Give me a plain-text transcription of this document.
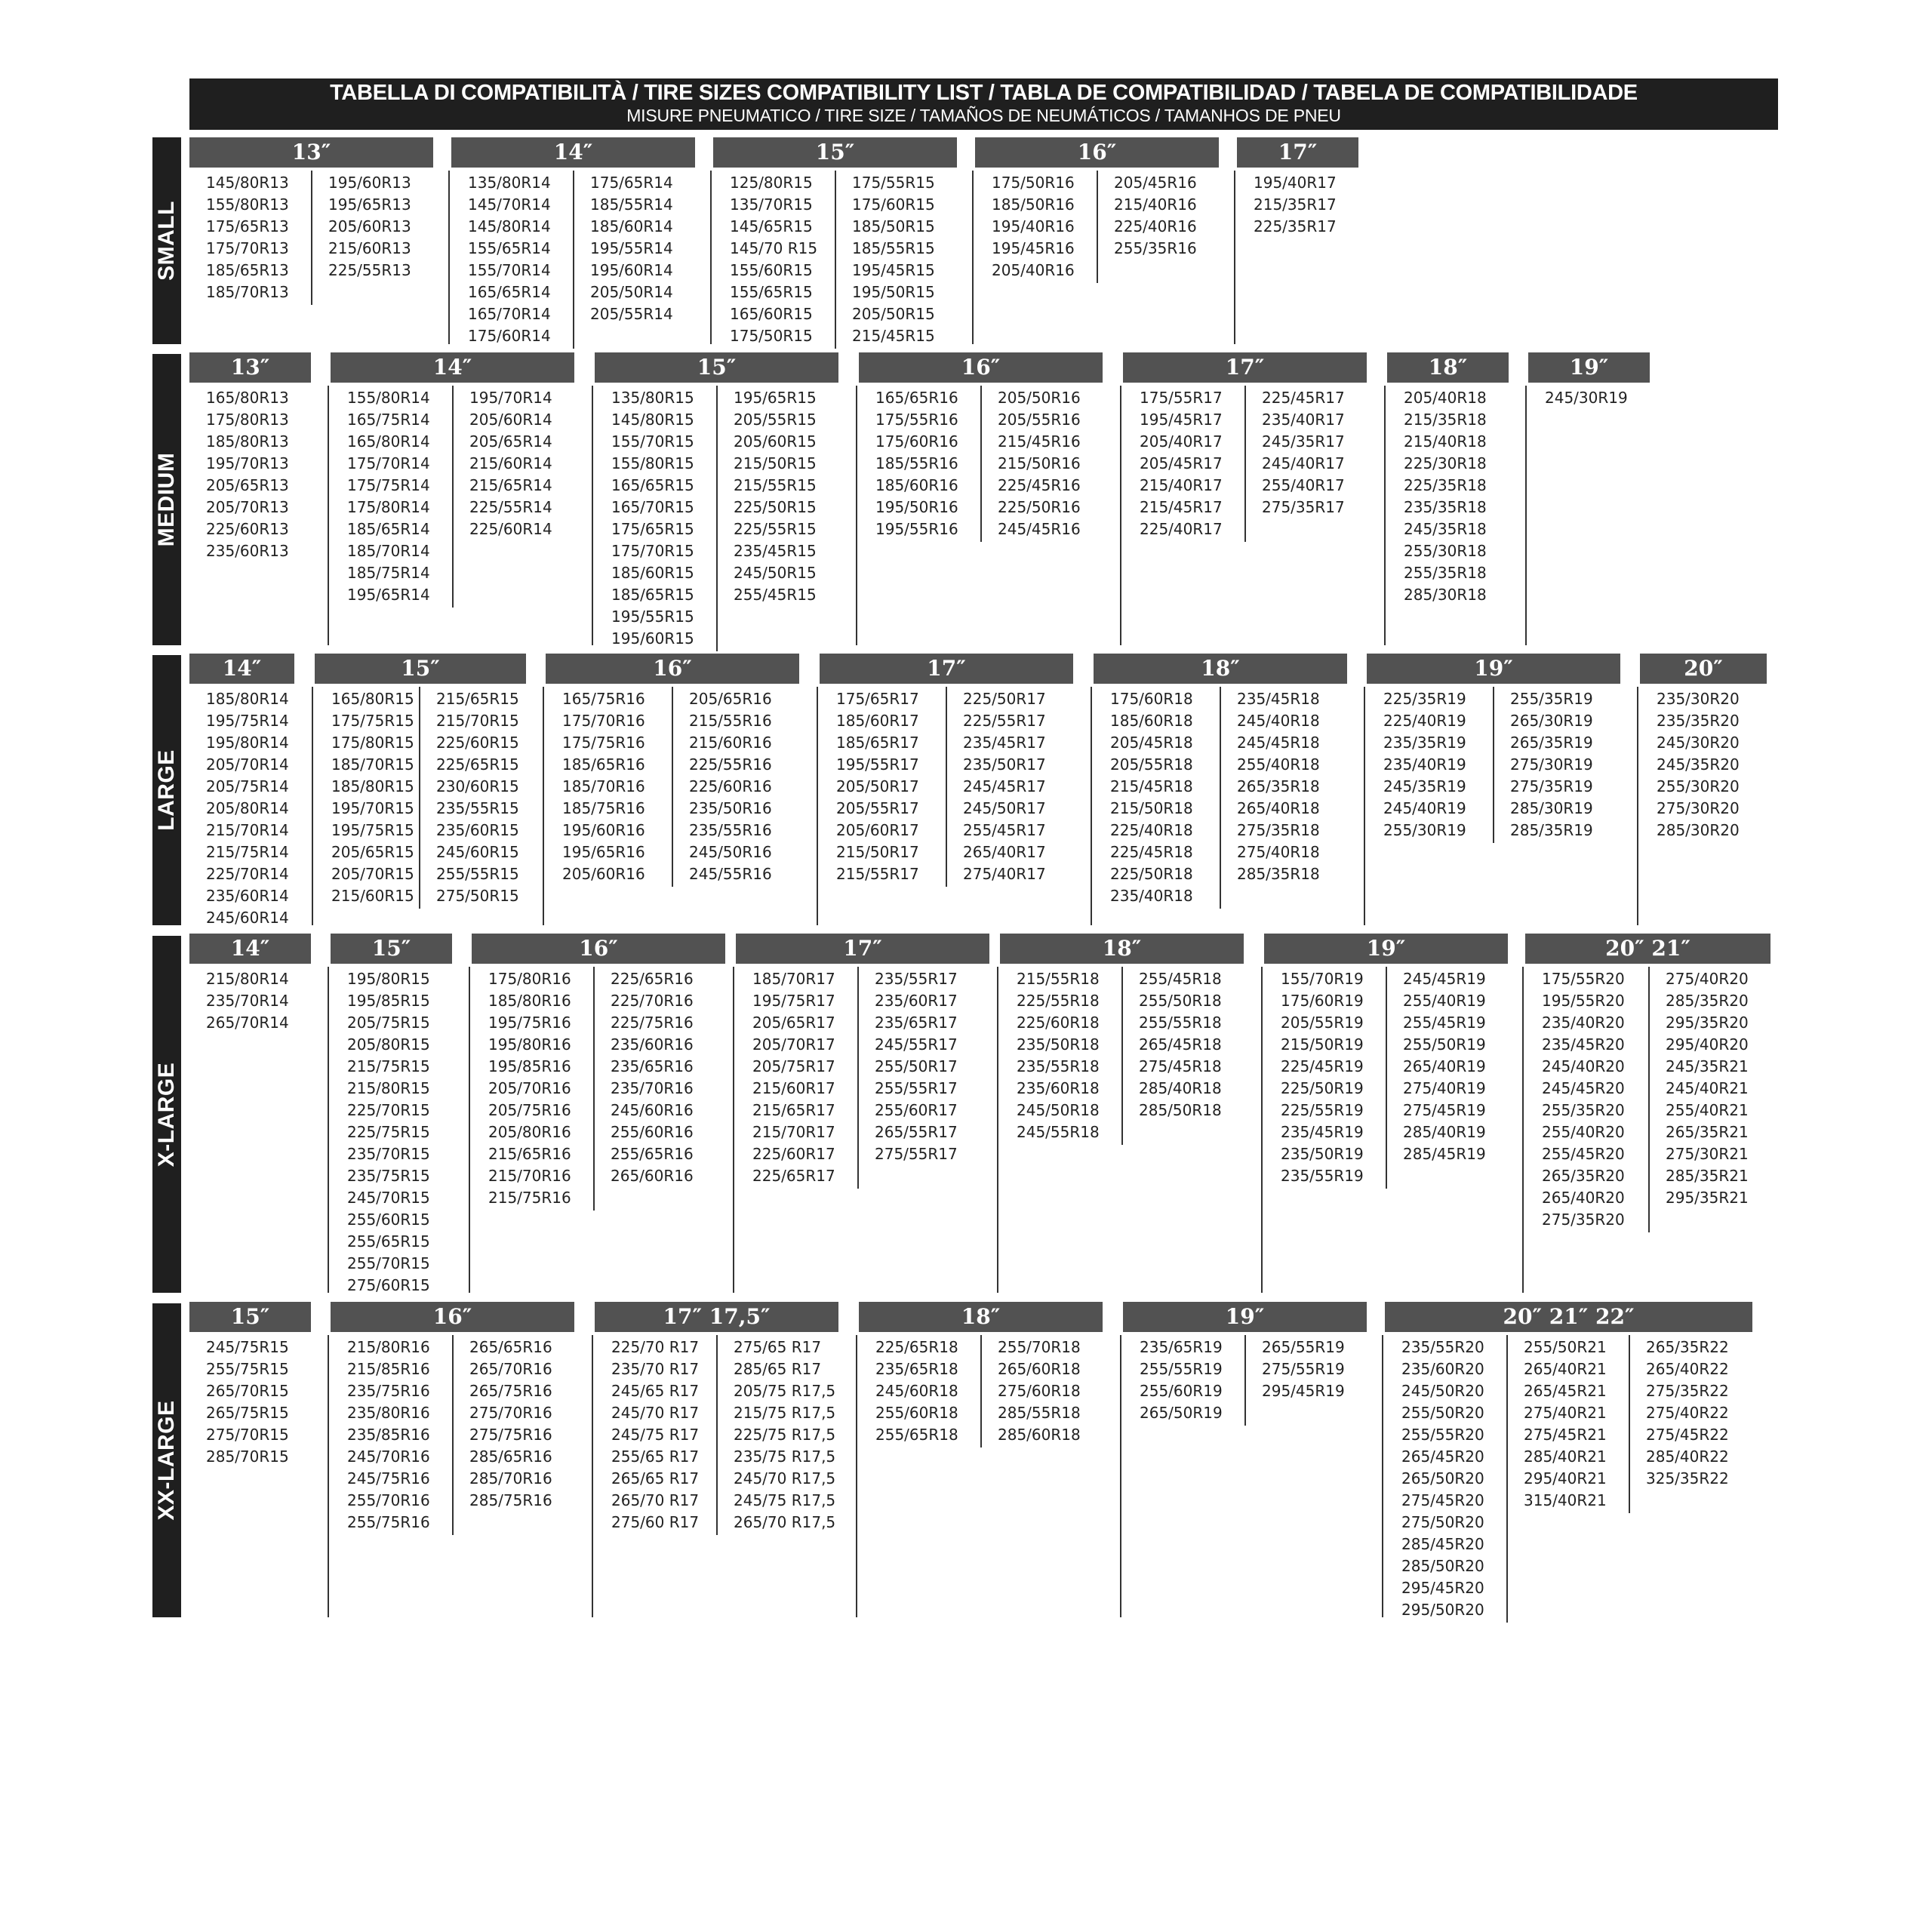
TABELLA DI COMPATIBILITÀ / TIRE SIZES COMPATIBILITY LIST / TABLA DE COMPATIBILIDAD / TABELA DE COMPATIBILIDADE
MISURE PNEUMATICO / TIRE SIZE / TAMAÑOS DE NEUMÁTICOS / TAMANHOS DE PNEU
SMALL
13″
145/80R13
155/80R13
175/65R13
175/70R13
185/65R13
185/70R13
195/60R13
195/65R13
205/60R13
215/60R13
225/55R13
14″
135/80R14
145/70R14
145/80R14
155/65R14
155/70R14
165/65R14
165/70R14
175/60R14
175/65R14
185/55R14
185/60R14
195/55R14
195/60R14
205/50R14
205/55R14
15″
125/80R15
135/70R15
145/65R15
145/70 R15
155/60R15
155/65R15
165/60R15
175/50R15
175/55R15
175/60R15
185/50R15
185/55R15
195/45R15
195/50R15
205/50R15
215/45R15
16″
175/50R16
185/50R16
195/40R16
195/45R16
205/40R16
205/45R16
215/40R16
225/40R16
255/35R16
17″
195/40R17
215/35R17
225/35R17
MEDIUM
13″
165/80R13
175/80R13
185/80R13
195/70R13
205/65R13
205/70R13
225/60R13
235/60R13
14″
155/80R14
165/75R14
165/80R14
175/70R14
175/75R14
175/80R14
185/65R14
185/70R14
185/75R14
195/65R14
195/70R14
205/60R14
205/65R14
215/60R14
215/65R14
225/55R14
225/60R14
15″
135/80R15
145/80R15
155/70R15
155/80R15
165/65R15
165/70R15
175/65R15
175/70R15
185/60R15
185/65R15
195/55R15
195/60R15
195/65R15
205/55R15
205/60R15
215/50R15
215/55R15
225/50R15
225/55R15
235/45R15
245/50R15
255/45R15
16″
165/65R16
175/55R16
175/60R16
185/55R16
185/60R16
195/50R16
195/55R16
205/50R16
205/55R16
215/45R16
215/50R16
225/45R16
225/50R16
245/45R16
17″
175/55R17
195/45R17
205/40R17
205/45R17
215/40R17
215/45R17
225/40R17
225/45R17
235/40R17
245/35R17
245/40R17
255/40R17
275/35R17
18″
205/40R18
215/35R18
215/40R18
225/30R18
225/35R18
235/35R18
245/35R18
255/30R18
255/35R18
285/30R18
19″
245/30R19
LARGE
14″
185/80R14
195/75R14
195/80R14
205/70R14
205/75R14
205/80R14
215/70R14
215/75R14
225/70R14
235/60R14
245/60R14
15″
165/80R15
175/75R15
175/80R15
185/70R15
185/80R15
195/70R15
195/75R15
205/65R15
205/70R15
215/60R15
215/65R15
215/70R15
225/60R15
225/65R15
230/60R15
235/55R15
235/60R15
245/60R15
255/55R15
275/50R15
16″
165/75R16
175/70R16
175/75R16
185/65R16
185/70R16
185/75R16
195/60R16
195/65R16
205/60R16
205/65R16
215/55R16
215/60R16
225/55R16
225/60R16
235/50R16
235/55R16
245/50R16
245/55R16
17″
175/65R17
185/60R17
185/65R17
195/55R17
205/50R17
205/55R17
205/60R17
215/50R17
215/55R17
225/50R17
225/55R17
235/45R17
235/50R17
245/45R17
245/50R17
255/45R17
265/40R17
275/40R17
18″
175/60R18
185/60R18
205/45R18
205/55R18
215/45R18
215/50R18
225/40R18
225/45R18
225/50R18
235/40R18
235/45R18
245/40R18
245/45R18
255/40R18
265/35R18
265/40R18
275/35R18
275/40R18
285/35R18
19″
225/35R19
225/40R19
235/35R19
235/40R19
245/35R19
245/40R19
255/30R19
255/35R19
265/30R19
265/35R19
275/30R19
275/35R19
285/30R19
285/35R19
20″
235/30R20
235/35R20
245/30R20
245/35R20
255/30R20
275/30R20
285/30R20
X-LARGE
14″
215/80R14
235/70R14
265/70R14
15″
195/80R15
195/85R15
205/75R15
205/80R15
215/75R15
215/80R15
225/70R15
225/75R15
235/70R15
235/75R15
245/70R15
255/60R15
255/65R15
255/70R15
275/60R15
16″
175/80R16
185/80R16
195/75R16
195/80R16
195/85R16
205/70R16
205/75R16
205/80R16
215/65R16
215/70R16
215/75R16
225/65R16
225/70R16
225/75R16
235/60R16
235/65R16
235/70R16
245/60R16
255/60R16
255/65R16
265/60R16
17″
185/70R17
195/75R17
205/65R17
205/70R17
205/75R17
215/60R17
215/65R17
215/70R17
225/60R17
225/65R17
235/55R17
235/60R17
235/65R17
245/55R17
255/50R17
255/55R17
255/60R17
265/55R17
275/55R17
18″
215/55R18
225/55R18
225/60R18
235/50R18
235/55R18
235/60R18
245/50R18
245/55R18
255/45R18
255/50R18
255/55R18
265/45R18
275/45R18
285/40R18
285/50R18
19″
155/70R19
175/60R19
205/55R19
215/50R19
225/45R19
225/50R19
225/55R19
235/45R19
235/50R19
235/55R19
245/45R19
255/40R19
255/45R19
255/50R19
265/40R19
275/40R19
275/45R19
285/40R19
285/45R19
20″ 21″
175/55R20
195/55R20
235/40R20
235/45R20
245/40R20
245/45R20
255/35R20
255/40R20
255/45R20
265/35R20
265/40R20
275/35R20
275/40R20
285/35R20
295/35R20
295/40R20
245/35R21
245/40R21
255/40R21
265/35R21
275/30R21
285/35R21
295/35R21
XX-LARGE
15″
245/75R15
255/75R15
265/70R15
265/75R15
275/70R15
285/70R15
16″
215/80R16
215/85R16
235/75R16
235/80R16
235/85R16
245/70R16
245/75R16
255/70R16
255/75R16
265/65R16
265/70R16
265/75R16
275/70R16
275/75R16
285/65R16
285/70R16
285/75R16
17″ 17,5″
225/70 R17
235/70 R17
245/65 R17
245/70 R17
245/75 R17
255/65 R17
265/65 R17
265/70 R17
275/60 R17
275/65 R17
285/65 R17
205/75 R17,5
215/75 R17,5
225/75 R17,5
235/75 R17,5
245/70 R17,5
245/75 R17,5
265/70 R17,5
18″
225/65R18
235/65R18
245/60R18
255/60R18
255/65R18
255/70R18
265/60R18
275/60R18
285/55R18
285/60R18
19″
235/65R19
255/55R19
255/60R19
265/50R19
265/55R19
275/55R19
295/45R19
20″ 21″ 22″
235/55R20
235/60R20
245/50R20
255/50R20
255/55R20
265/45R20
265/50R20
275/45R20
275/50R20
285/45R20
285/50R20
295/45R20
295/50R20
255/50R21
265/40R21
265/45R21
275/40R21
275/45R21
285/40R21
295/40R21
315/40R21
265/35R22
265/40R22
275/35R22
275/40R22
275/45R22
285/40R22
325/35R22
